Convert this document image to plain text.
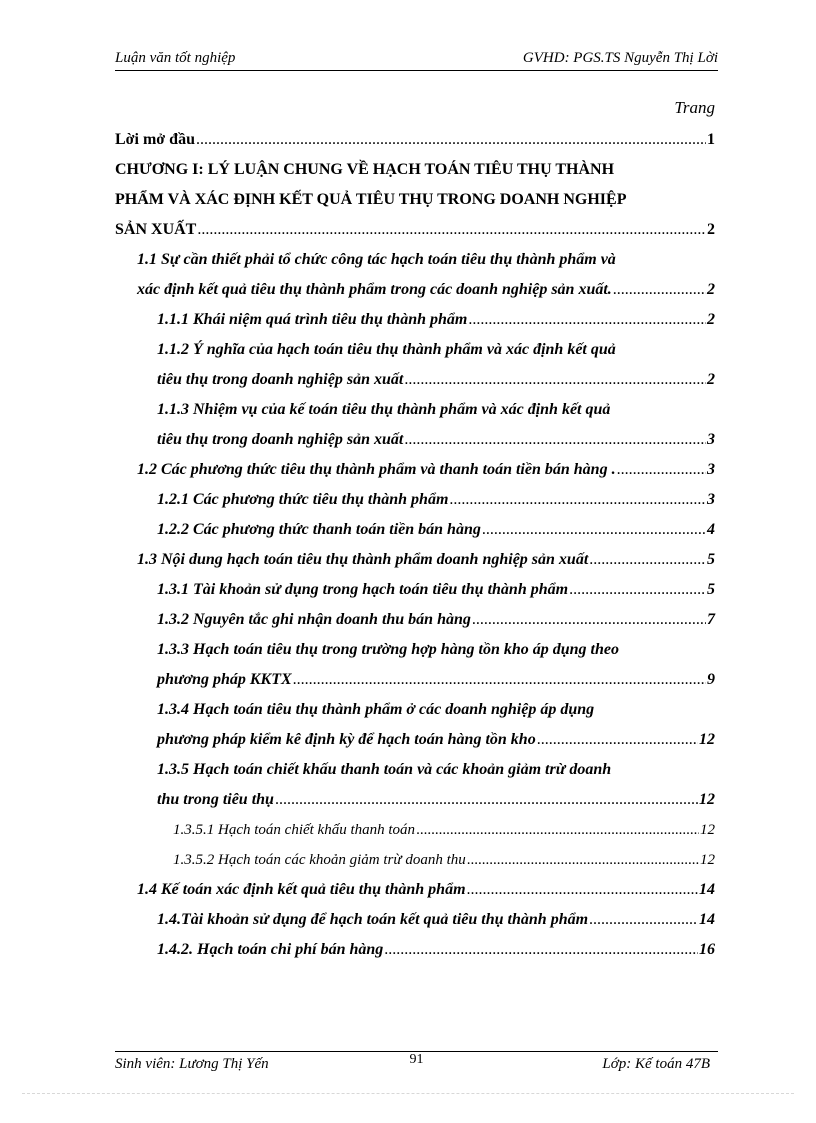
Luận văn tốt nghiệp	GVHD: PGS.TS Nguyễn Thị Lời
Trang
Lời mở đầu .....	1
CHƯƠNG I: LÝ LUẬN CHUNG VỀ HẠCH TOÁN TIÊU THỤ THÀNH
PHẨM VÀ XÁC ĐỊNH KẾT QUẢ TIÊU THỤ TRONG DOANH NGHIỆP
SẢN XUẤT .....	2
1.1 Sự cần thiết phải tổ chức công tác hạch toán tiêu thụ thành phẩm và
xác định kết quả tiêu thụ thành phẩm trong các doanh nghiệp sản xuất. .....	2
1.1.1 Khái niệm quá trình tiêu thụ thành phẩm .....	2
1.1.2 Ý nghĩa của hạch toán tiêu thụ thành phẩm và xác định kết quả
tiêu thụ trong doanh nghiệp sản xuất .....	2
1.1.3 Nhiệm vụ của kế toán tiêu thụ thành phẩm và xác định kết quả
tiêu thụ trong doanh nghiệp sản xuất .....	3
1.2 Các phương thức tiêu thụ thành phẩm và thanh toán tiền bán hàng . .....	3
1.2.1 Các phương thức tiêu thụ thành phẩm .....	3
1.2.2 Các phương thức thanh toán tiền bán hàng .....	4
1.3 Nội dung hạch toán tiêu thụ thành phẩm doanh nghiệp sản xuất .....	5
1.3.1 Tài khoản sử dụng trong hạch toán tiêu thụ thành phẩm .....	5
1.3.2 Nguyên tắc ghi nhận doanh thu bán hàng .....	7
1.3.3 Hạch toán tiêu thụ trong trường hợp hàng tồn kho áp dụng theo
phương pháp KKTX .....	9
1.3.4 Hạch toán tiêu thụ thành phẩm ở các doanh nghiệp áp dụng
phương pháp kiểm kê định kỳ để hạch toán hàng tồn kho .....	12
1.3.5 Hạch toán chiết khấu thanh toán và các khoản giảm trừ doanh
thu trong tiêu thụ .....	12
1.3.5.1 Hạch toán chiết khấu thanh toán .....	12
1.3.5.2 Hạch toán các khoản giảm trừ doanh thu .....	12
1.4 Kế toán xác định kết quả tiêu thụ thành phẩm .....	14
1.4.Tài khoản sử dụng để hạch toán kết quả tiêu thụ thành phẩm .....	14
1.4.2. Hạch toán chi phí bán hàng .....	16
Sinh viên: Lương Thị Yến	91	Lớp: Kế toán 47B
